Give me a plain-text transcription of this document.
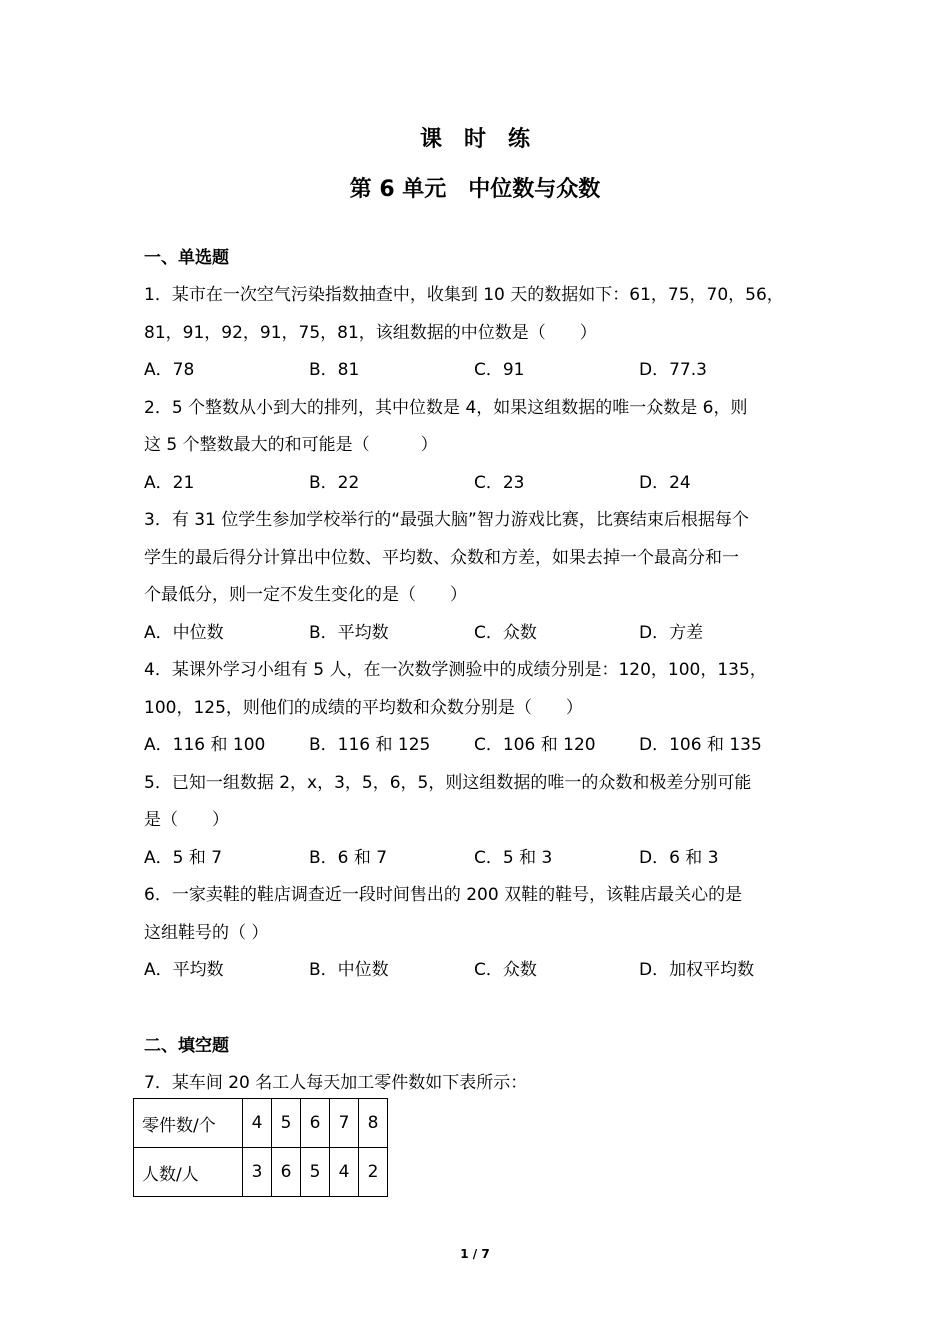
课　时　练
第 6 单元　中位数与众数
一、单选题
1．某市在一次空气污染指数抽查中，收集到 10 天的数据如下：61，75，70，56，
81，91，92，91，75，81，该组数据的中位数是（　　）
A．78	B．81	C．91	D．77.3
2．5 个整数从小到大的排列，其中位数是 4，如果这组数据的唯一众数是 6，则
这 5 个整数最大的和可能是（　　　）
A．21	B．22	C．23	D．24
3．有 31 位学生参加学校举行的“最强大脑”智力游戏比赛，比赛结束后根据每个
学生的最后得分计算出中位数、平均数、众数和方差，如果去掉一个最高分和一
个最低分，则一定不发生变化的是（　　）
A．中位数	B．平均数	C．众数	D．方差
4．某课外学习小组有 5 人，在一次数学测验中的成绩分别是：120，100，135，
100，125，则他们的成绩的平均数和众数分别是（　　）
A．116 和 100	B．116 和 125	C．106 和 120	D．106 和 135
5．已知一组数据 2，x，3，5，6，5，则这组数据的唯一的众数和极差分别可能
是（　　）
A．5 和 7	B．6 和 7	C．5 和 3	D．6 和 3
6．一家卖鞋的鞋店调查近一段时间售出的 200 双鞋的鞋号，该鞋店最关心的是
这组鞋号的（ ）
A．平均数	B．中位数	C．众数	D．加权平均数
二、填空题
7．某车间 20 名工人每天加工零件数如下表所示：
零件数/个	4	5	6	7	8
人数/人	3	6	5	4	2
1 / 7
